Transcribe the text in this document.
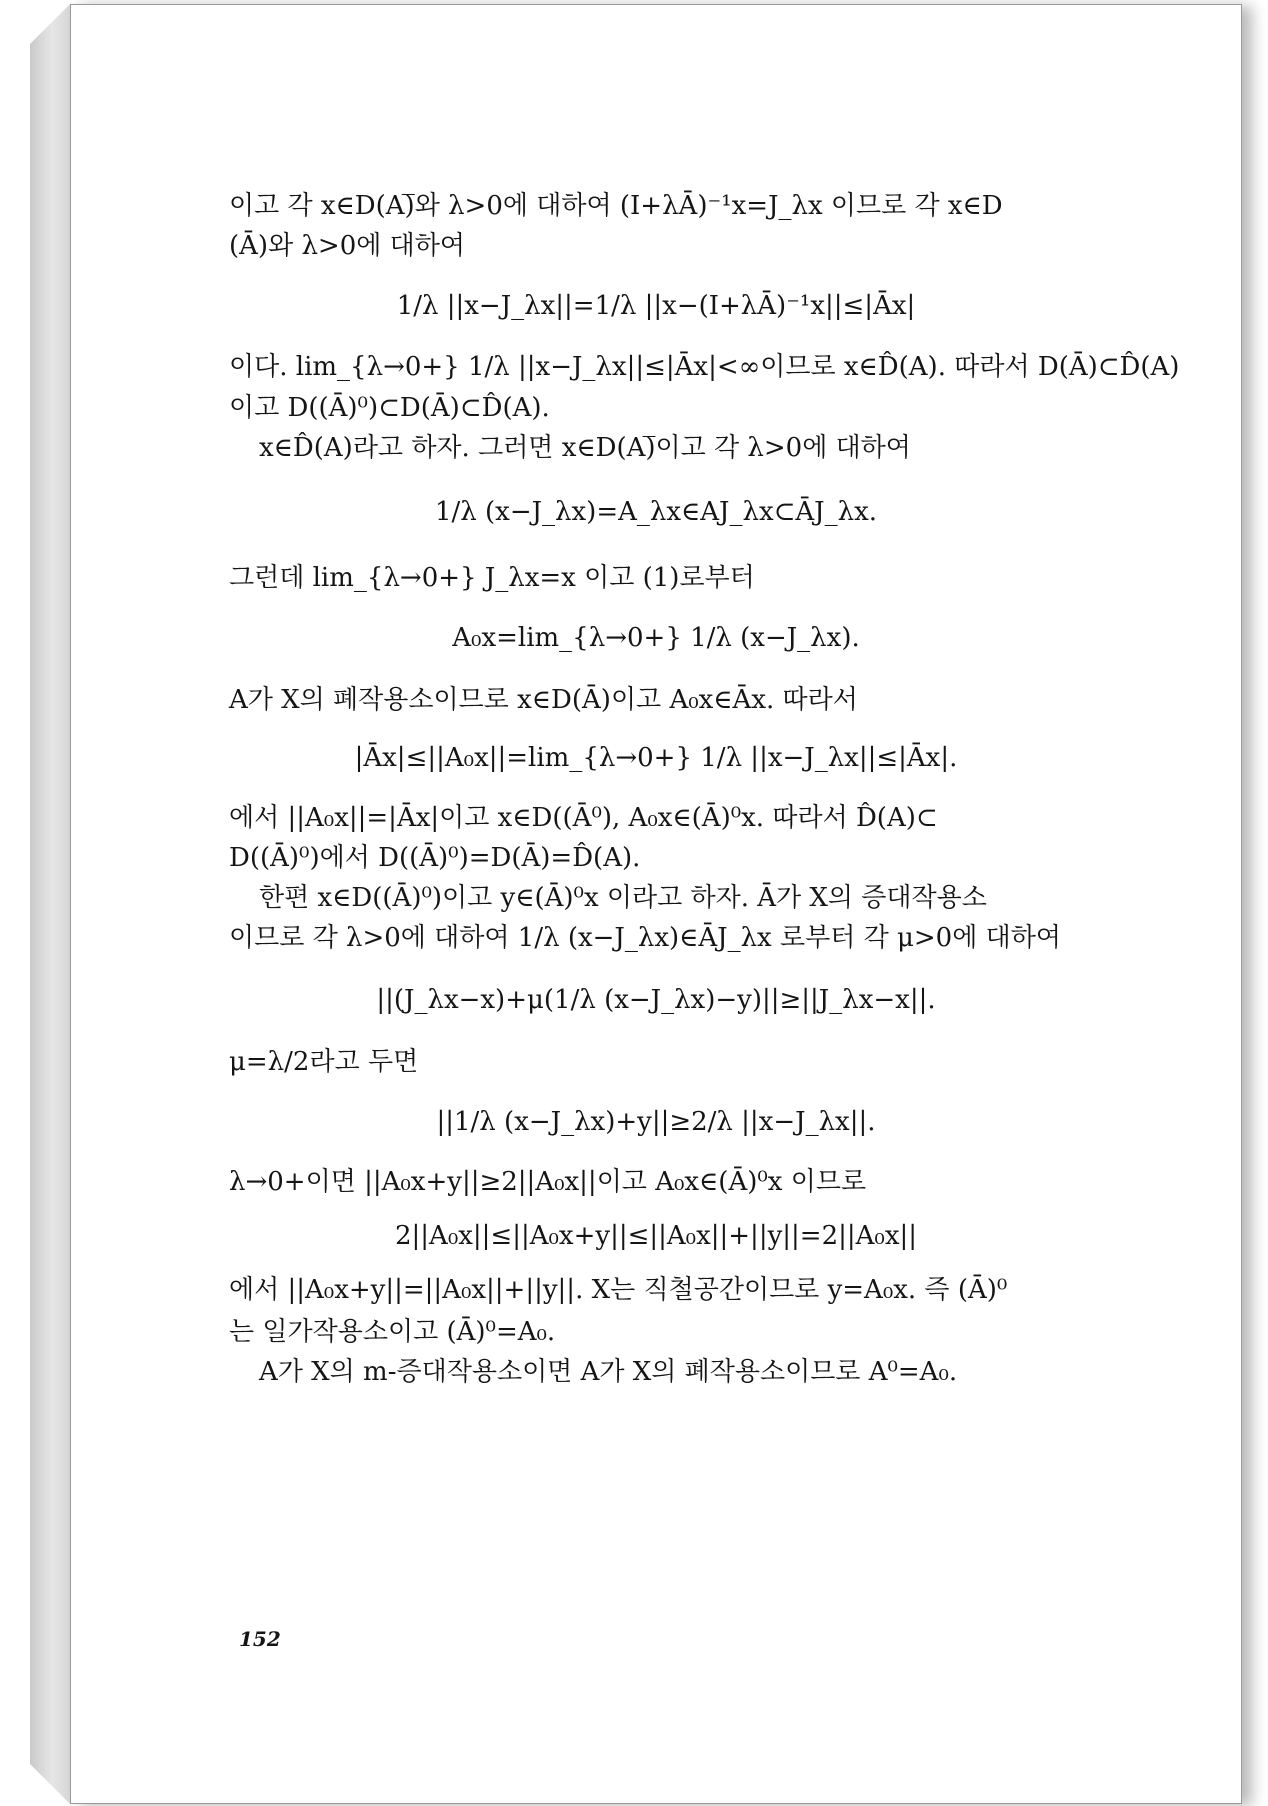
이고 각 x∈D(A)̅와 λ>0에 대하여 (I+λĀ)⁻¹x=J_λx 이므로 각 x∈D
(Ā)와 λ>0에 대하여
1/λ ||x−J_λx||=1/λ ||x−(I+λĀ)⁻¹x||≤|Āx|
이다. lim_{λ→0+} 1/λ ||x−J_λx||≤|Āx|<∞이므로 x∈D̂(A). 따라서 D(Ā)⊂D̂(A)
이고 D((Ā)⁰)⊂D(Ā)⊂D̂(A).
x∈D̂(A)라고 하자. 그러면 x∈D(A)̅이고 각 λ>0에 대하여
1/λ (x−J_λx)=A_λx∈AJ_λx⊂ĀJ_λx.
그런데 lim_{λ→0+} J_λx=x 이고 (1)로부터
A₀x=lim_{λ→0+} 1/λ (x−J_λx).
A가 X의 폐작용소이므로 x∈D(Ā)이고 A₀x∈Āx. 따라서
|Āx|≤||A₀x||=lim_{λ→0+} 1/λ ||x−J_λx||≤|Āx|.
에서 ||A₀x||=|Āx|이고 x∈D((Ā⁰), A₀x∈(Ā)⁰x. 따라서 D̂(A)⊂
D((Ā)⁰)에서 D((Ā)⁰)=D(Ā)=D̂(A).
한편 x∈D((Ā)⁰)이고 y∈(Ā)⁰x 이라고 하자. Ā가 X의 증대작용소
이므로 각 λ>0에 대하여 1/λ (x−J_λx)∈ĀJ_λx 로부터 각 μ>0에 대하여
||(J_λx−x)+μ(1/λ (x−J_λx)−y)||≥||J_λx−x||.
μ=λ/2라고 두면
||1/λ (x−J_λx)+y||≥2/λ ||x−J_λx||.
λ→0+이면 ||A₀x+y||≥2||A₀x||이고 A₀x∈(Ā)⁰x 이므로
2||A₀x||≤||A₀x+y||≤||A₀x||+||y||=2||A₀x||
에서 ||A₀x+y||=||A₀x||+||y||. X는 직철공간이므로 y=A₀x. 즉 (Ā)⁰
는 일가작용소이고 (Ā)⁰=A₀.
A가 X의 m-증대작용소이면 A가 X의 폐작용소이므로 A⁰=A₀.
152
